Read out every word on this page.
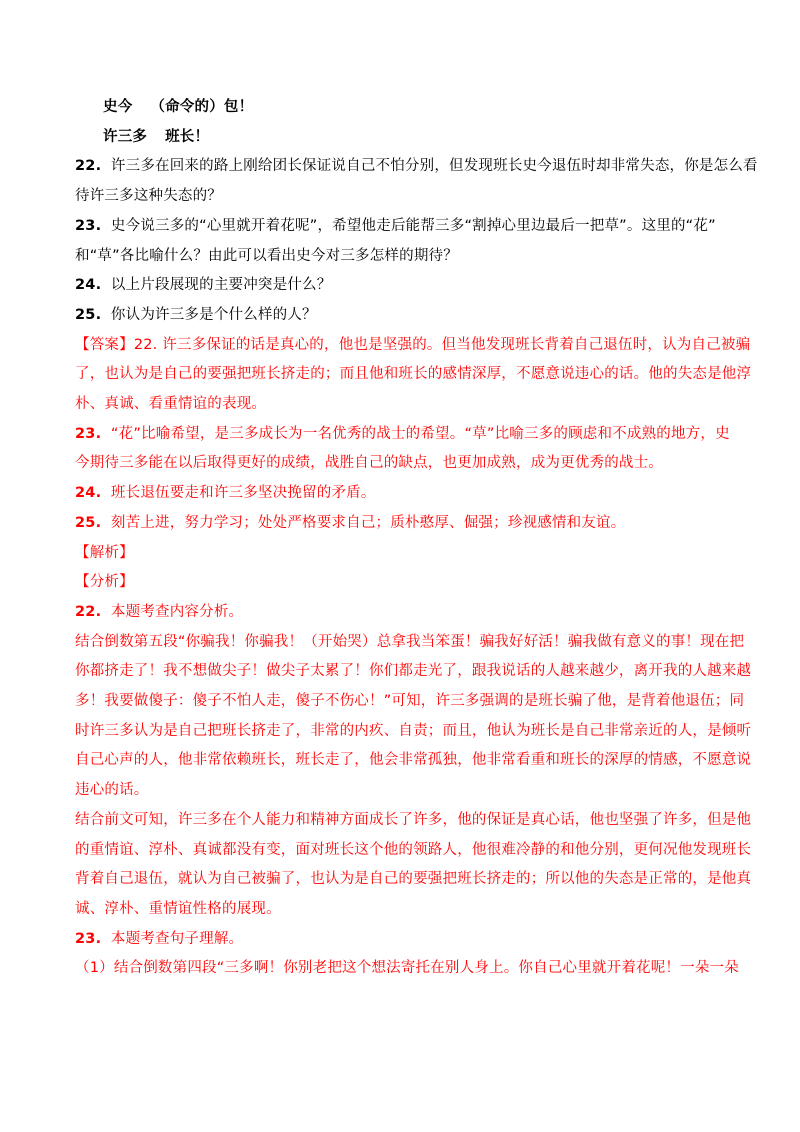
史今 （命令的）包！
许三多 班长！
22. 许三多在回来的路上刚给团长保证说自己不怕分别，但发现班长史今退伍时却非常失态，你是怎么看
待许三多这种失态的？
23. 史今说三多的“心里就开着花呢”，希望他走后能帮三多“割掉心里边最后一把草”。这里的“花”
和“草”各比喻什么？由此可以看出史今对三多怎样的期待？
24. 以上片段展现的主要冲突是什么？
25. 你认为许三多是个什么样的人？
【答案】22. 许三多保证的话是真心的，他也是坚强的。但当他发现班长背着自己退伍时，认为自己被骗
了，也认为是自己的要强把班长挤走的；而且他和班长的感情深厚，不愿意说违心的话。他的失态是他淳
朴、真诚、看重情谊的表现。
23. “花”比喻希望，是三多成长为一名优秀的战士的希望。“草”比喻三多的顾虑和不成熟的地方，史
今期待三多能在以后取得更好的成绩，战胜自己的缺点，也更加成熟，成为更优秀的战士。
24. 班长退伍要走和许三多坚决挽留的矛盾。
25. 刻苦上进，努力学习；处处严格要求自己；质朴憨厚、倔强；珍视感情和友谊。
【解析】
【分析】
22. 本题考查内容分析。
结合倒数第五段“你骗我！你骗我！（开始哭）总拿我当笨蛋！骗我好好活！骗我做有意义的事！现在把
你都挤走了！我不想做尖子！做尖子太累了！你们都走光了，跟我说话的人越来越少，离开我的人越来越
多！我要做傻子：傻子不怕人走，傻子不伤心！”可知，许三多强调的是班长骗了他，是背着他退伍；同
时许三多认为是自己把班长挤走了，非常的内疚、自责；而且，他认为班长是自己非常亲近的人，是倾听
自己心声的人，他非常依赖班长，班长走了，他会非常孤独，他非常看重和班长的深厚的情感，不愿意说
违心的话。
结合前文可知，许三多在个人能力和精神方面成长了许多，他的保证是真心话，他也坚强了许多，但是他
的重情谊、淳朴、真诚都没有变，面对班长这个他的领路人，他很难冷静的和他分别，更何况他发现班长
背着自己退伍，就认为自己被骗了，也认为是自己的要强把班长挤走的；所以他的失态是正常的，是他真
诚、淳朴、重情谊性格的展现。
23. 本题考查句子理解。
（1）结合倒数第四段“三多啊！你别老把这个想法寄托在别人身上。你自己心里就开着花呢！一朵一朵
